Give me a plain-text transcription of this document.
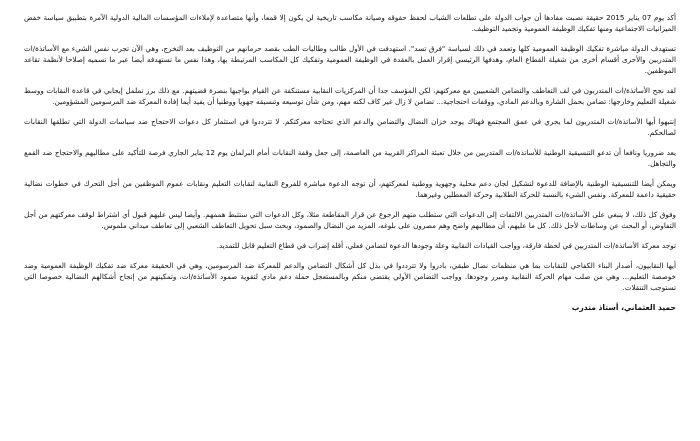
أكد يوم 07 يناير 2015 حقيقة نصبت مفادها أن جواب الدولة على تطلعات الشباب لحفظ حقوقه وصيانة مكاسب تاريخية لن يكون إلا قمعا، وأنها متصاعدة لإملاءات المؤسسات المالية الدولية الآمرة بتطبيق سياسة خفض الميزانيات الاجتماعية ومنها تفكيك الوظيفة العمومية وتجميد التوظيف.

تستهدف الدولة مباشرة تفكيك الوظيفة العمومية كلها وتعمد في ذلك لسياسة "فرق تسد". استهدفت في الأول طالب وطالبات الطب بقصد حرمانهم من التوظيف بعد التخرج، وهي الآن تجرب نفس الشيء مع الأساتذة/ات المتدربين والأحرى أقسام أخرى من شغيلة القطاع العام، وهدفها الرئيسي إقرار العمل بالعقدة في الوظيفة العمومية وتفكيك كل المكاسب المرتبطة بها، وهذا نفس ما تستهدفه أيضا عبر ما تسميه إصلاحا لأنظمة تقاعد الموظفين.

لقد نجح الأساتذة/ات المتدربون في لف التعاطف والتضامن الشعبيين مع معركتهم، لكن المؤسف جدا أن المركزيات النقابية مستنكفة عن القيام بواجبها بنصرة قضيتهم. مع ذلك برز تململ إيجابي في قاعدة النقابات ووسط شغيلة التعليم وخارجها: تضامن بحمل الشارة وبالدعم المادي، ووقفات احتجاجية... تضامن لا زال غير كاف لكنه مهم، ومن شأن توسيعه وتنسيقه جهويا ووطنيا أن يفيد أيما إفادة المعركة ضد المرسومين المشؤومين.

إنتبهوا أيها الأساتذة/ات المتدربون لما يجري في عمق المجتمع فهناك يوجد خزان النضال والتضامن والدعم الذي تحتاجه معركتكم. لا تترددوا في استثمار كل دعوات الاحتجاج ضد سياسات الدولة التي تطلقها النقابات لصالحكم.

يعد ضروريا ونافعا أن تدعو التنسيقية الوطنية للأساتذة/ات المتدربين من خلال تعبئة المراكز القريبة من العاصمة، إلى جعل وقفة النقابات أمام البرلمان يوم 12 يناير الجاري فرصة للتأكيد على مطالبهم والاحتجاج ضد القمع والتجاهل.

ويمكن أيضا للتنسيقية الوطنية بالإضافة للدعوة لتشكيل لجان دعم محلية وجهوية ووطنية لمعركتهم، أن توجه الدعوة مباشرة للفروع النقابية لنقابات التعليم ونقابات عموم الموظفين من أجل التحرك في خطوات نضالية حقيقية داعمة للمعركة. ونفس الشيء بالنسبة للحركة الطلابية وحركة المعطلين وغيرهما.

وفوق كل ذلك، لا ينبغي على الأساتذة/ات المتدربين الالتفات إلى الدعوات التي ستطلب منهم الرجوع عن قرار المقاطعة مثلا، وكل الدعوات التي ستثبط هممهم. وأيضا ليس عليهم قبول أي اشتراط لوقف معركتهم من أجل التفاوض، أو البحث عن وساطات لأجل ذلك. كل ما عليهم، أن مطالبهم واضح وهم مصرون على بلوغه، المزيد من النضال والصمود، وبحث سبل تحويل التعاطف الشعبي إلى تعاطف ميداني ملموس.

توجد معركة الأساتذة/ات المتدربين في لحظة فارقة، وواجب القيادات النقابية وعلة وجودها الدعوة لتضامن فعلي، أقله إضراب في قطاع التعليم قابل للتمديد.

أيها النقابيون، أصدار البناء الكفاحي للنقابات بما هي منظمات نضال طبقي، بادروا ولا تترددوا في بذل كل أشكال التضامن والدعم للمعركة ضد المرسومين، وهي في الحقيقة معركة ضد تفكيك الوظيفة العمومية وضد خوصصة التعليم... وهي من صلب مهام الحركة النقابية ومبرر وجودها. وواجب التضامن الأولي يقتضي منكم وبالمستعجل حملة دعم مادي لتقوية صمود الأساتذة/ات، وتمكينهم من إنجاح أشكالهم النضالية خصوصا التي تستوجب التنقلات.

حميد العثماني، أستاذ متدرب
